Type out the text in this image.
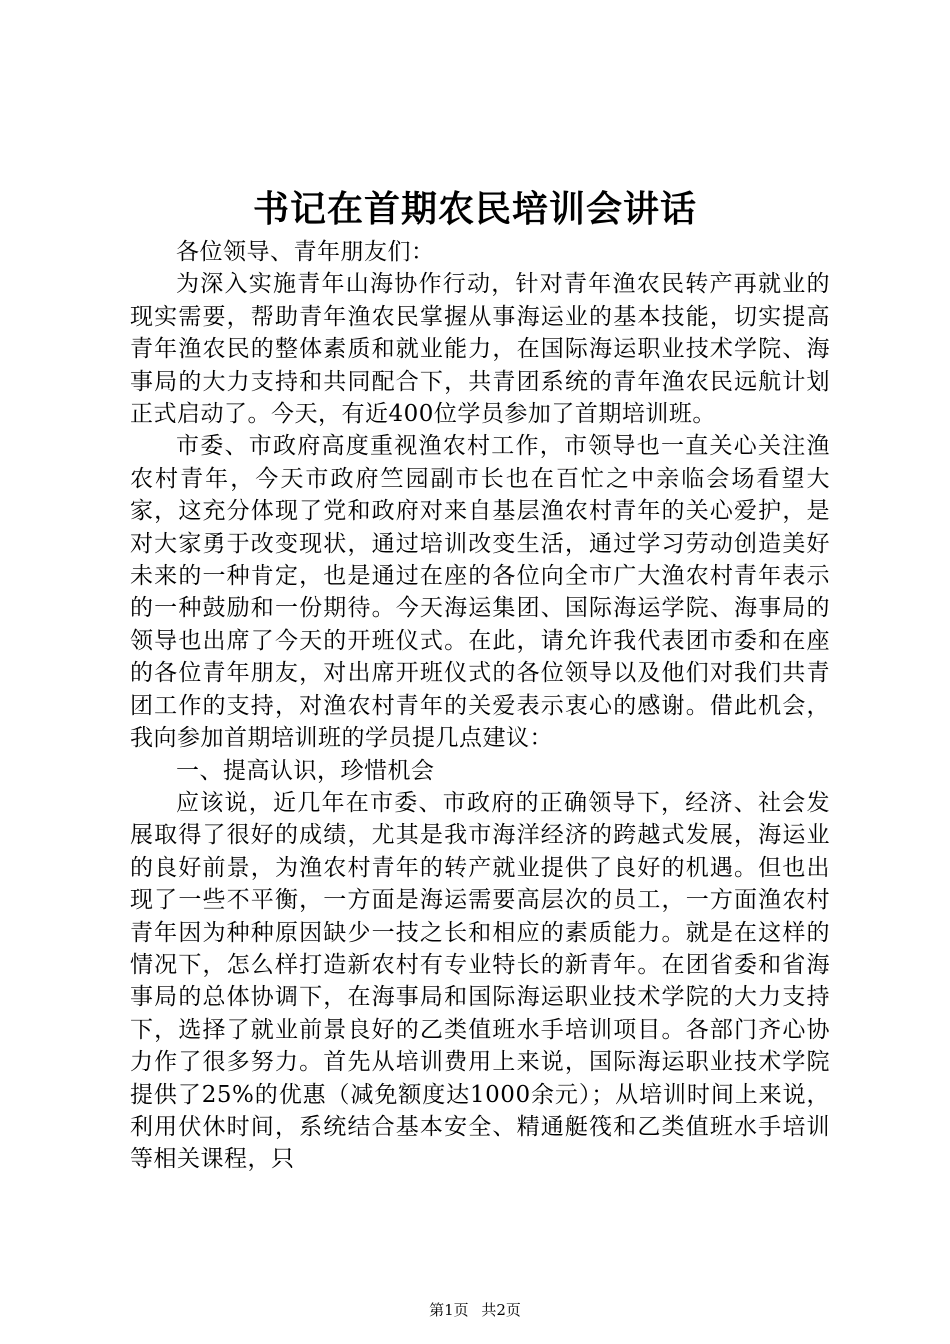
书记在首期农民培训会讲话

各位领导、青年朋友们：

为深入实施青年山海协作行动，针对青年渔农民转产再就业的现实需要，帮助青年渔农民掌握从事海运业的基本技能，切实提高青年渔农民的整体素质和就业能力，在国际海运职业技术学院、海事局的大力支持和共同配合下，共青团系统的青年渔农民远航计划正式启动了。今天，有近400位学员参加了首期培训班。

市委、市政府高度重视渔农村工作，市领导也一直关心关注渔农村青年，今天市政府竺园副市长也在百忙之中亲临会场看望大家，这充分体现了党和政府对来自基层渔农村青年的关心爱护，是对大家勇于改变现状，通过培训改变生活，通过学习劳动创造美好未来的一种肯定，也是通过在座的各位向全市广大渔农村青年表示的一种鼓励和一份期待。今天海运集团、国际海运学院、海事局的领导也出席了今天的开班仪式。在此，请允许我代表团市委和在座的各位青年朋友，对出席开班仪式的各位领导以及他们对我们共青团工作的支持，对渔农村青年的关爱表示衷心的感谢。借此机会，我向参加首期培训班的学员提几点建议：

一、提高认识，珍惜机会

应该说，近几年在市委、市政府的正确领导下，经济、社会发展取得了很好的成绩，尤其是我市海洋经济的跨越式发展，海运业的良好前景，为渔农村青年的转产就业提供了良好的机遇。但也出现了一些不平衡，一方面是海运需要高层次的员工，一方面渔农村青年因为种种原因缺少一技之长和相应的素质能力。就是在这样的情况下，怎么样打造新农村有专业特长的新青年。在团省委和省海事局的总体协调下，在海事局和国际海运职业技术学院的大力支持下，选择了就业前景良好的乙类值班水手培训项目。各部门齐心协力作了很多努力。首先从培训费用上来说，国际海运职业技术学院提供了25%的优惠（减免额度达1000余元）；从培训时间上来说，利用伏休时间，系统结合基本安全、精通艇筏和乙类值班水手培训等相关课程，只

第1页 共2页
